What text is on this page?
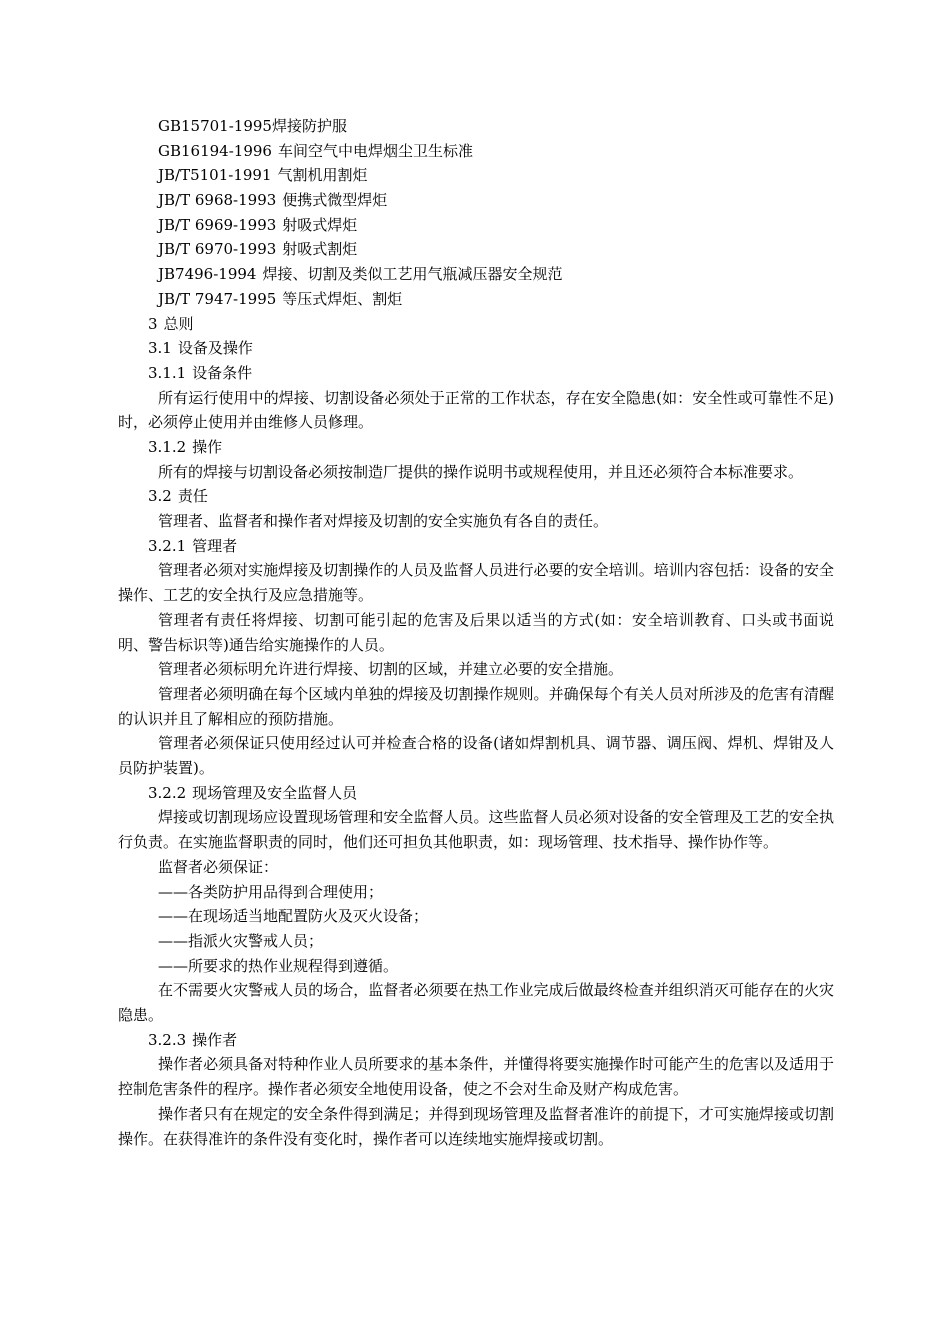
GB15701-1995焊接防护服
GB16194-1996 车间空气中电焊烟尘卫生标准
JB/T5101-1991 气割机用割炬
JB/T 6968-1993 便携式微型焊炬
JB/T 6969-1993 射吸式焊炬
JB/T 6970-1993 射吸式割炬
JB7496-1994 焊接、切割及类似工艺用气瓶减压器安全规范
JB/T 7947-1995 等压式焊炬、割炬
3 总则
3.1 设备及操作
3.1.1 设备条件
所有运行使用中的焊接、切割设备必须处于正常的工作状态，存在安全隐患(如：安全性或可靠性不足)时，必须停止使用并由维修人员修理。
3.1.2 操作
所有的焊接与切割设备必须按制造厂提供的操作说明书或规程使用，并且还必须符合本标准要求。
3.2 责任
管理者、监督者和操作者对焊接及切割的安全实施负有各自的责任。
3.2.1 管理者
管理者必须对实施焊接及切割操作的人员及监督人员进行必要的安全培训。培训内容包括：设备的安全操作、工艺的安全执行及应急措施等。
管理者有责任将焊接、切割可能引起的危害及后果以适当的方式(如：安全培训教育、口头或书面说明、警告标识等)通告给实施操作的人员。
管理者必须标明允许进行焊接、切割的区域，并建立必要的安全措施。
管理者必须明确在每个区域内单独的焊接及切割操作规则。并确保每个有关人员对所涉及的危害有清醒的认识并且了解相应的预防措施。
管理者必须保证只使用经过认可并检查合格的设备(诸如焊割机具、调节器、调压阀、焊机、焊钳及人员防护装置)。
3.2.2 现场管理及安全监督人员
焊接或切割现场应设置现场管理和安全监督人员。这些监督人员必须对设备的安全管理及工艺的安全执行负责。在实施监督职责的同时，他们还可担负其他职责，如：现场管理、技术指导、操作协作等。
监督者必须保证：
——各类防护用品得到合理使用；
——在现场适当地配置防火及灭火设备；
——指派火灾警戒人员；
——所要求的热作业规程得到遵循。
在不需要火灾警戒人员的场合，监督者必须要在热工作业完成后做最终检查并组织消灭可能存在的火灾隐患。
3.2.3 操作者
操作者必须具备对特种作业人员所要求的基本条件，并懂得将要实施操作时可能产生的危害以及适用于控制危害条件的程序。操作者必须安全地使用设备，使之不会对生命及财产构成危害。
操作者只有在规定的安全条件得到满足；并得到现场管理及监督者准许的前提下，才可实施焊接或切割操作。在获得准许的条件没有变化时，操作者可以连续地实施焊接或切割。
